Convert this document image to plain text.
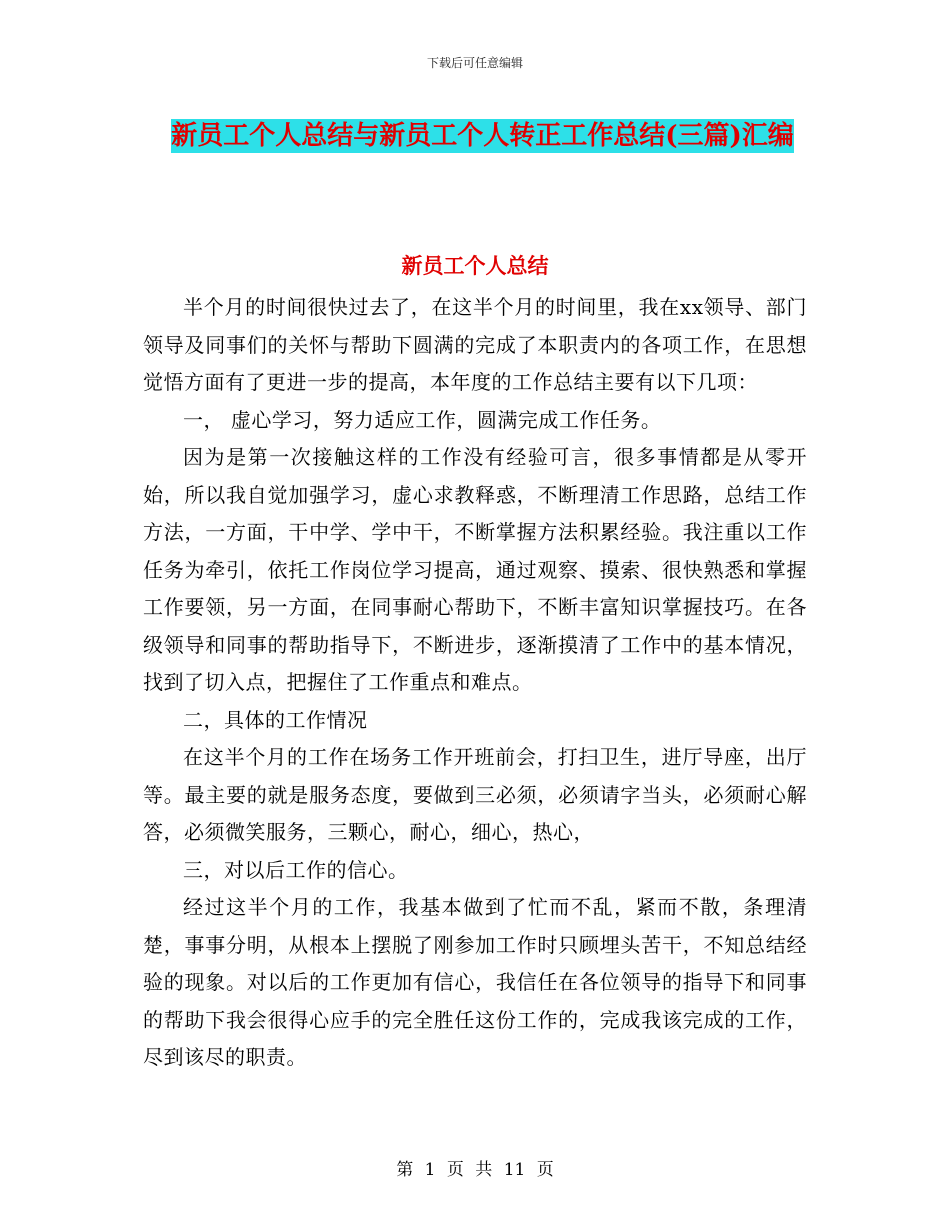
下载后可任意编辑
新员工个人总结与新员工个人转正工作总结(三篇)汇编
新员工个人总结

半个月的时间很快过去了，在这半个月的时间里，我在xx领导、部门领导及同事们的关怀与帮助下圆满的完成了本职责内的各项工作，在思想觉悟方面有了更进一步的提高，本年度的工作总结主要有以下几项：

一， 虚心学习，努力适应工作，圆满完成工作任务。

因为是第一次接触这样的工作没有经验可言，很多事情都是从零开始，所以我自觉加强学习，虚心求教释惑，不断理清工作思路，总结工作方法，一方面，干中学、学中干，不断掌握方法积累经验。我注重以工作任务为牵引，依托工作岗位学习提高，通过观察、摸索、很快熟悉和掌握工作要领，另一方面，在同事耐心帮助下，不断丰富知识掌握技巧。在各级领导和同事的帮助指导下，不断进步，逐渐摸清了工作中的基本情况，找到了切入点，把握住了工作重点和难点。

二，具体的工作情况

在这半个月的工作在场务工作开班前会，打扫卫生，进厅导座，出厅等。最主要的就是服务态度，要做到三必须，必须请字当头，必须耐心解答，必须微笑服务，三颗心，耐心，细心，热心，

三，对以后工作的信心。

经过这半个月的工作，我基本做到了忙而不乱，紧而不散，条理清楚，事事分明，从根本上摆脱了刚参加工作时只顾埋头苦干，不知总结经验的现象。对以后的工作更加有信心，我信任在各位领导的指导下和同事的帮助下我会很得心应手的完全胜任这份工作的，完成我该完成的工作，尽到该尽的职责。

第 1 页 共 11 页
